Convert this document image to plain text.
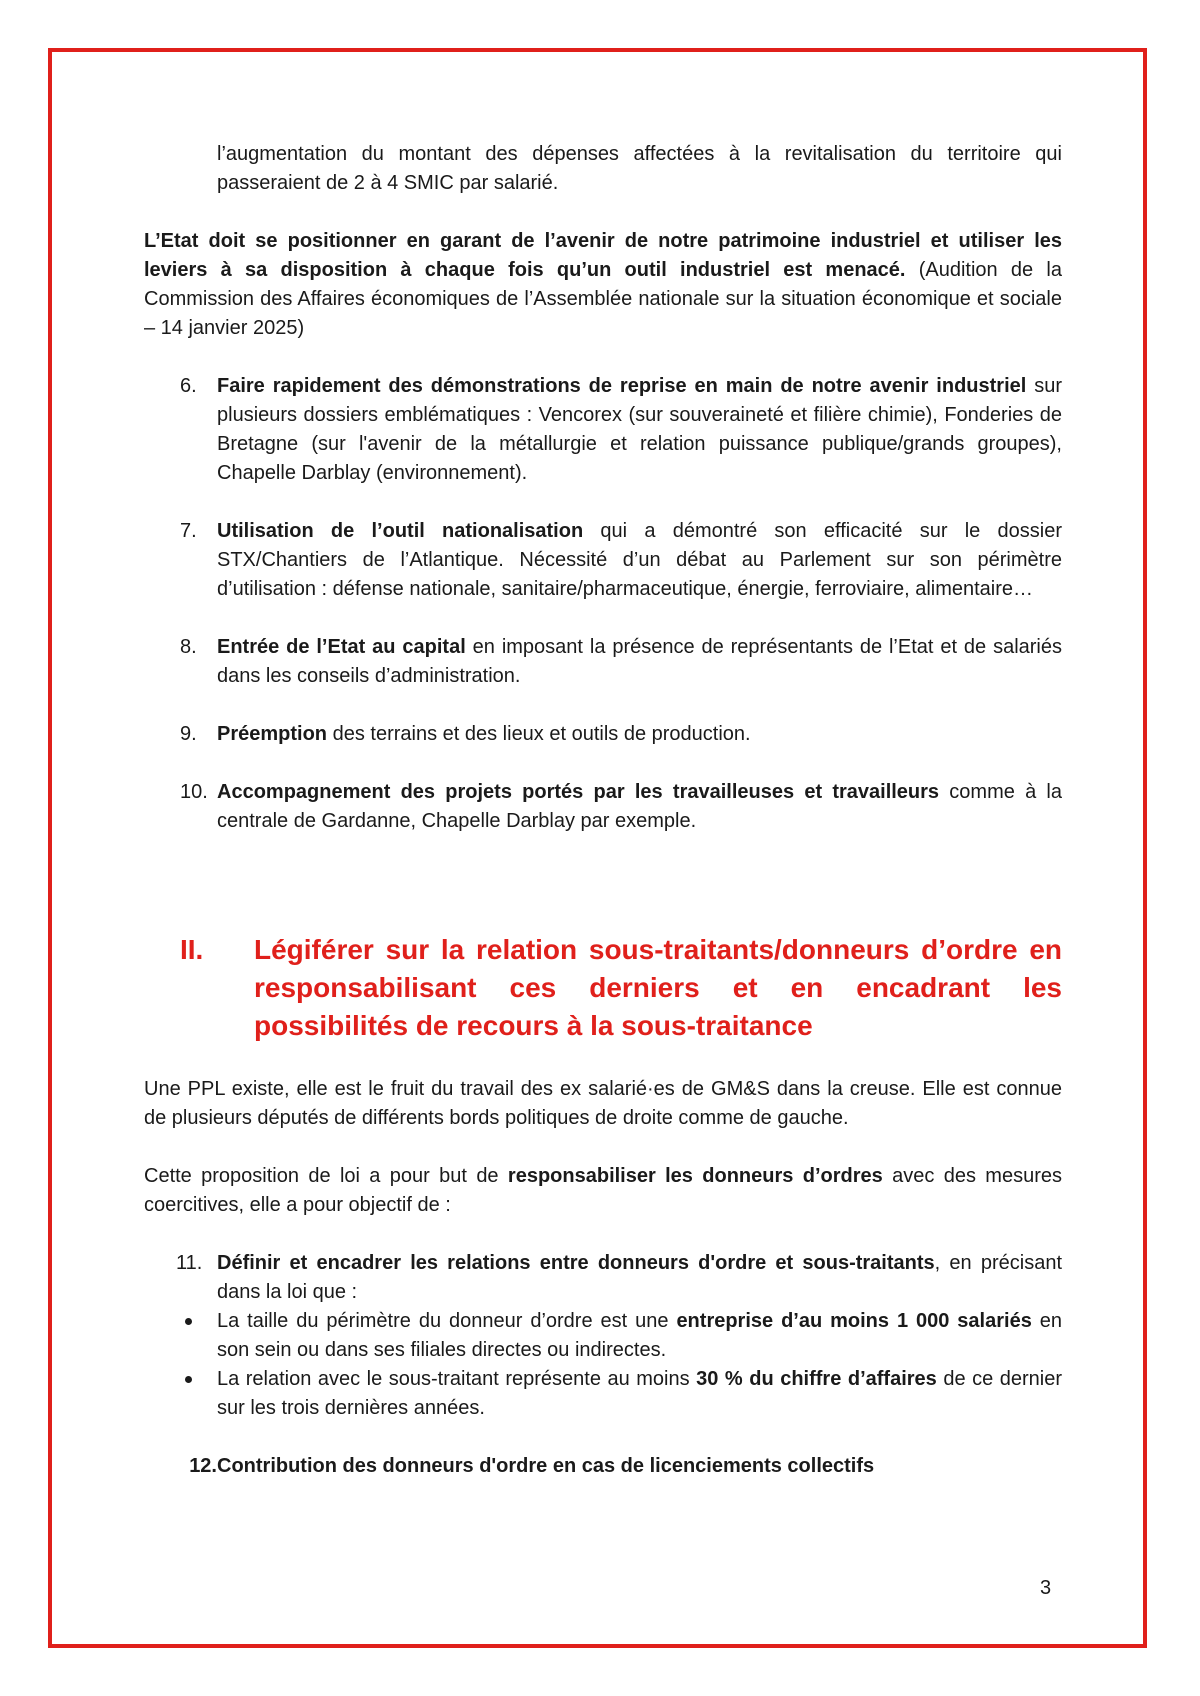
l’augmentation du montant des dépenses affectées à la revitalisation du territoire qui passeraient de 2 à 4 SMIC par salarié.

L’Etat doit se positionner en garant de l’avenir de notre patrimoine industriel et utiliser les leviers à sa disposition à chaque fois qu’un outil industriel est menacé. (Audition de la Commission des Affaires économiques de l’Assemblée nationale sur la situation économique et sociale – 14 janvier 2025)

6.	Faire rapidement des démonstrations de reprise en main de notre avenir industriel sur plusieurs dossiers emblématiques : Vencorex (sur souveraineté et filière chimie), Fonderies de Bretagne (sur l'avenir de la métallurgie et relation puissance publique/grands groupes), Chapelle Darblay (environnement).
7.	Utilisation de l’outil nationalisation qui a démontré son efficacité sur le dossier STX/Chantiers de l’Atlantique. Nécessité d’un débat au Parlement sur son périmètre d’utilisation : défense nationale, sanitaire/pharmaceutique, énergie, ferroviaire, alimentaire…
8.	Entrée de l’Etat au capital en imposant la présence de représentants de l’Etat et de salariés dans les conseils d’administration.
9.	Préemption des terrains et des lieux et outils de production.
10. Accompagnement des projets portés par les travailleuses et travailleurs comme à la centrale de Gardanne, Chapelle Darblay par exemple.
II.	Légiférer sur la relation sous-traitants/donneurs d’ordre en responsabilisant ces derniers et en encadrant les possibilités de recours à la sous-traitance

Une PPL existe, elle est le fruit du travail des ex salarié·es de GM&S dans la creuse. Elle est connue de plusieurs députés de différents bords politiques de droite comme de gauche.

Cette proposition de loi a pour but de responsabiliser les donneurs d’ordres avec des mesures coercitives, elle a pour objectif de :

11. Définir et encadrer les relations entre donneurs d'ordre et sous-traitants, en précisant dans la loi que :
La taille du périmètre du donneur d’ordre est une entreprise d’au moins 1 000 salariés en son sein ou dans ses filiales directes ou indirectes.
La relation avec le sous-traitant représente au moins 30 % du chiffre d’affaires de ce dernier sur les trois dernières années.
12. Contribution des donneurs d'ordre en cas de licenciements collectifs
3
